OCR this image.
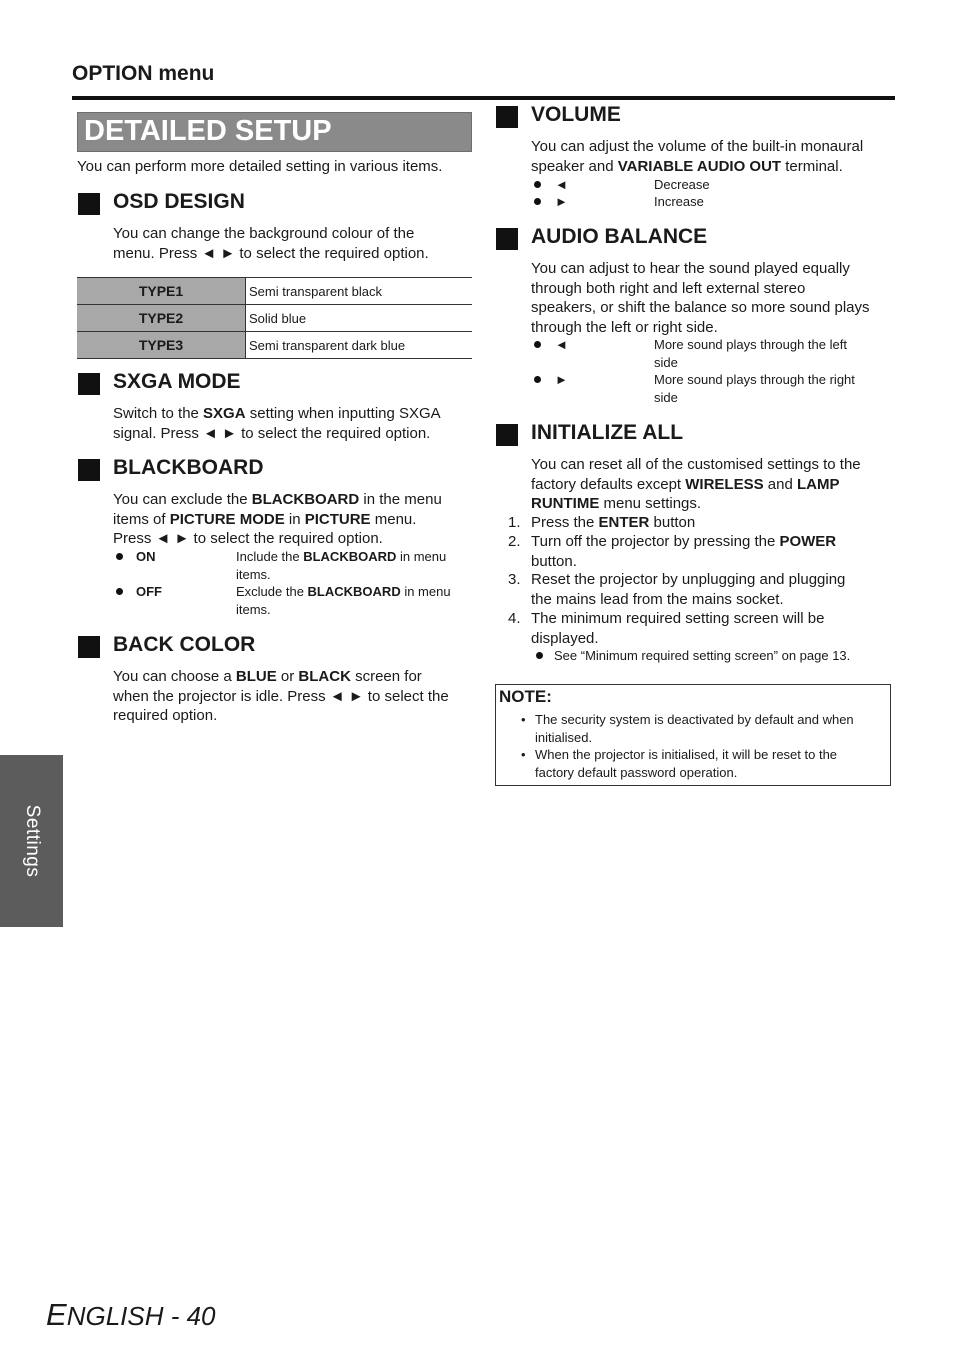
OPTION menu
DETAILED SETUP
You can perform more detailed setting in various items.
OSD DESIGN
You can change the background colour of the
menu. Press ◄ ► to select the required option.
TYPE1	Semi transparent black
TYPE2	Solid blue
TYPE3	Semi transparent dark blue
SXGA MODE
Switch to the SXGA setting when inputting SXGA
signal. Press ◄ ► to select the required option.
BLACKBOARD
You can exclude the BLACKBOARD in the menu
items of PICTURE MODE in PICTURE menu.
Press ◄ ► to select the required option.
ON	Include the BLACKBOARD in menu
items.
OFF	Exclude the BLACKBOARD in menu
items.
BACK COLOR
You can choose a BLUE or BLACK screen for
when the projector is idle. Press ◄ ► to select the
required option.
VOLUME
You can adjust the volume of the built-in monaural
speaker and VARIABLE AUDIO OUT terminal.
◄	Decrease
►	Increase
AUDIO BALANCE
You can adjust to hear the sound played equally
through both right and left external stereo
speakers, or shift the balance so more sound plays
through the left or right side.
◄	More sound plays through the left
side
►	More sound plays through the right
side
INITIALIZE ALL
You can reset all of the customised settings to the
factory defaults except WIRELESS and LAMP
RUNTIME menu settings.
1. Press the ENTER button
2. Turn off the projector by pressing the POWER
button.
3. Reset the projector by unplugging and plugging
the mains lead from the mains socket.
4. The minimum required setting screen will be
displayed.
See “Minimum required setting screen” on page 13.
NOTE:
• The security system is deactivated by default and when
initialised.
• When the projector is initialised, it will be reset to the
factory default password operation.
Settings
ENGLISH - 40
